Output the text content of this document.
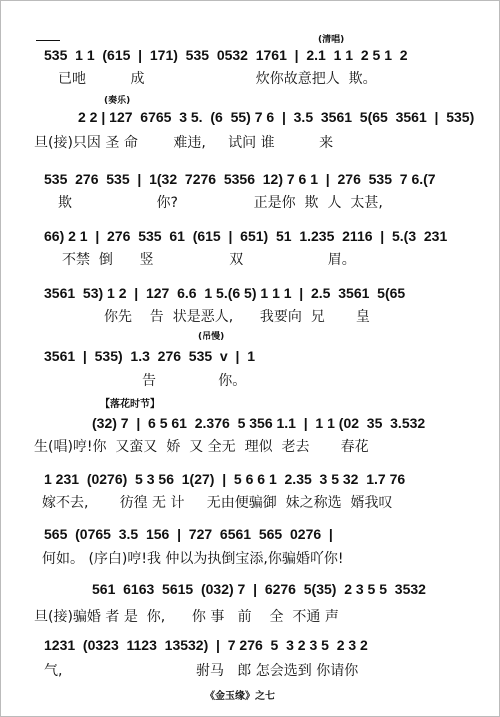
(清唱)
535  1 1  (615  |  171)  535  0532  1761  |  2.1  1 1  2 5 1  2
已吔          成                         炊你故意把人  欺。
(奏乐)
2 2 | 127  6765  3 5.  (6  55) 7 6  |  3.5  3561  5(65  3561  |  535)
旦(接)只因 圣 命        难违,     试问 谁          来
535  276  535  |  1(32  7276  5356  12) 7 6 1  |  276  535  7 6.(7
欺                   你?                 正是你  欺  人  太甚,
66) 2 1  |  276  535  61  (615  |  651)  51  1.235  2116  |  5.(3  231
不禁  倒      竖                 双                   眉。
3561  53) 1 2  |  127  6.6  1 5.(6 5) 1 1 1  |  2.5  3561  5(65
你先    告  状是恶人,      我要向  兄       皇
(吊慢)
3561  |  535)  1.3  276  535  v  |  1
告              你。
【落花时节】
(32) 7  |  6 5 61  2.376  5 356 1.1  |  1 1 (02  35  3.532
生(唱)哼!你  又蛮又  娇  又 全无  理似  老去       春花
1 231  (0276)  5 3 56  1(27)  |  5 6 6 1  2.35  3 5 32  1.7 76
嫁不去,       彷徨 无 计     无由便骗御  妹之称选  婿我叹
565  (0765  3.5  156  |  727  6561  565  0276  |
何如。 (序白)哼!我 仲以为执倒宝添,你骗婚吖你!
561  6163  5615  (032) 7  |  6276  5(35)  2 3 5 5  3532
旦(接)骗婚 者 是  你,      你 事   前    全  不通 声
1231  (0323  1123  13532)  |  7 276  5  3 2 3 5  2 3 2
气,                              驸马   郎 怎会选到 你请你
《金玉缘》之七
